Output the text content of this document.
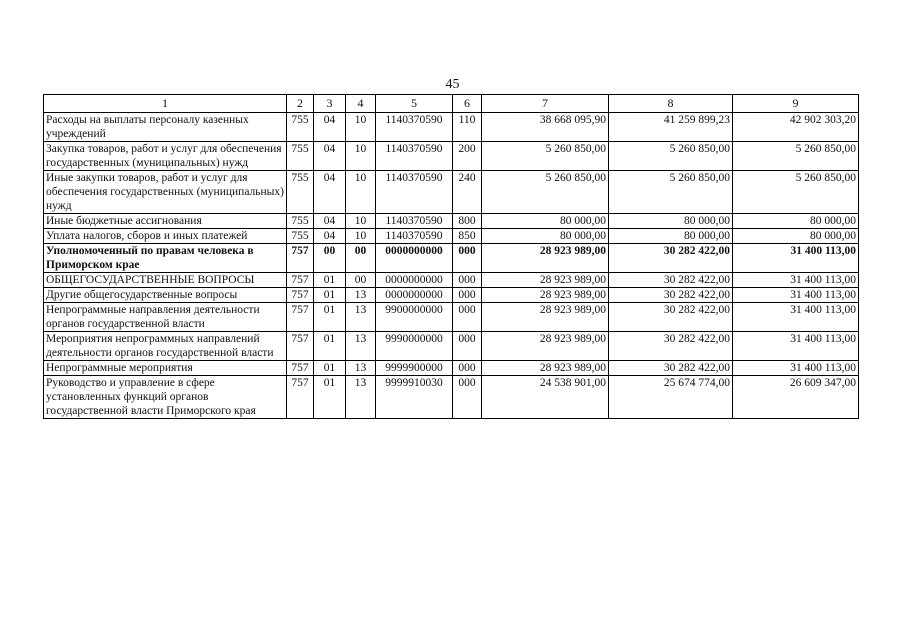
45
1	2	3	4	5	6	7	8	9
Расходы на выплаты персоналу казенных учреждений	755	04	10	1140370590	110	38 668 095,90	41 259 899,23	42 902 303,20
Закупка товаров, работ и услуг для обеспечения государственных (муниципальных) нужд	755	04	10	1140370590	200	5 260 850,00	5 260 850,00	5 260 850,00
Иные закупки товаров, работ и услуг для обеспечения государственных (муниципальных) нужд	755	04	10	1140370590	240	5 260 850,00	5 260 850,00	5 260 850,00
Иные бюджетные ассигнования	755	04	10	1140370590	800	80 000,00	80 000,00	80 000,00
Уплата налогов, сборов и иных платежей	755	04	10	1140370590	850	80 000,00	80 000,00	80 000,00
Уполномоченный по правам человека в Приморском крае	757	00	00	0000000000	000	28 923 989,00	30 282 422,00	31 400 113,00
ОБЩЕГОСУДАРСТВЕННЫЕ ВОПРОСЫ	757	01	00	0000000000	000	28 923 989,00	30 282 422,00	31 400 113,00
Другие общегосударственные вопросы	757	01	13	0000000000	000	28 923 989,00	30 282 422,00	31 400 113,00
Непрограммные направления деятельности органов государственной власти	757	01	13	9900000000	000	28 923 989,00	30 282 422,00	31 400 113,00
Мероприятия непрограммных направлений деятельности органов государственной власти	757	01	13	9990000000	000	28 923 989,00	30 282 422,00	31 400 113,00
Непрограммные мероприятия	757	01	13	9999900000	000	28 923 989,00	30 282 422,00	31 400 113,00
Руководство и управление в сфере установленных функций органов государственной власти Приморского края	757	01	13	9999910030	000	24 538 901,00	25 674 774,00	26 609 347,00
